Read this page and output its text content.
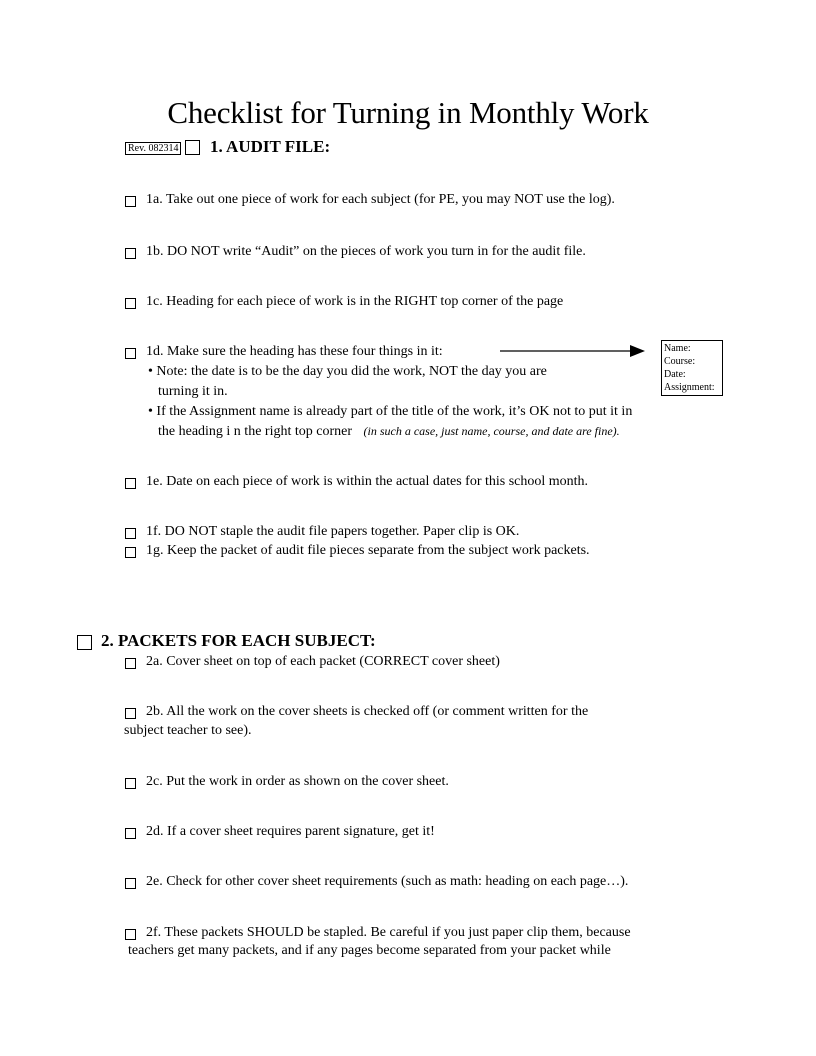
Checklist for Turning in Monthly Work
Rev. 082314 1. AUDIT FILE:
1a. Take out one piece of work for each subject (for PE, you may NOT use the log).
1b. DO NOT write “Audit” on the pieces of work you turn in for the audit file.
1c. Heading for each piece of work is in the RIGHT top corner of the page
1d. Make sure the heading has these four things in it:	Name:
Course:
Date:
Assignment:
• Note: the date is to be the day you did the work, NOT the day you are
turning it in.
• If the Assignment name is already part of the title of the work, it’s OK not to put it in
the heading i n the right top corner (in such a case, just name, course, and date are fine).
1e. Date on each piece of work is within the actual dates for this school month.
1f. DO NOT staple the audit file papers together. Paper clip is OK.
1g. Keep the packet of audit file pieces separate from the subject work packets.
2. PACKETS FOR EACH SUBJECT:
2a. Cover sheet on top of each packet (CORRECT cover sheet)
2b. All the work on the cover sheets is checked off (or comment written for the
subject teacher to see).
2c. Put the work in order as shown on the cover sheet.
2d. If a cover sheet requires parent signature, get it!
2e. Check for other cover sheet requirements (such as math: heading on each page…).
2f. These packets SHOULD be stapled. Be careful if you just paper clip them, because
teachers get many packets, and if any pages become separated from your packet while
